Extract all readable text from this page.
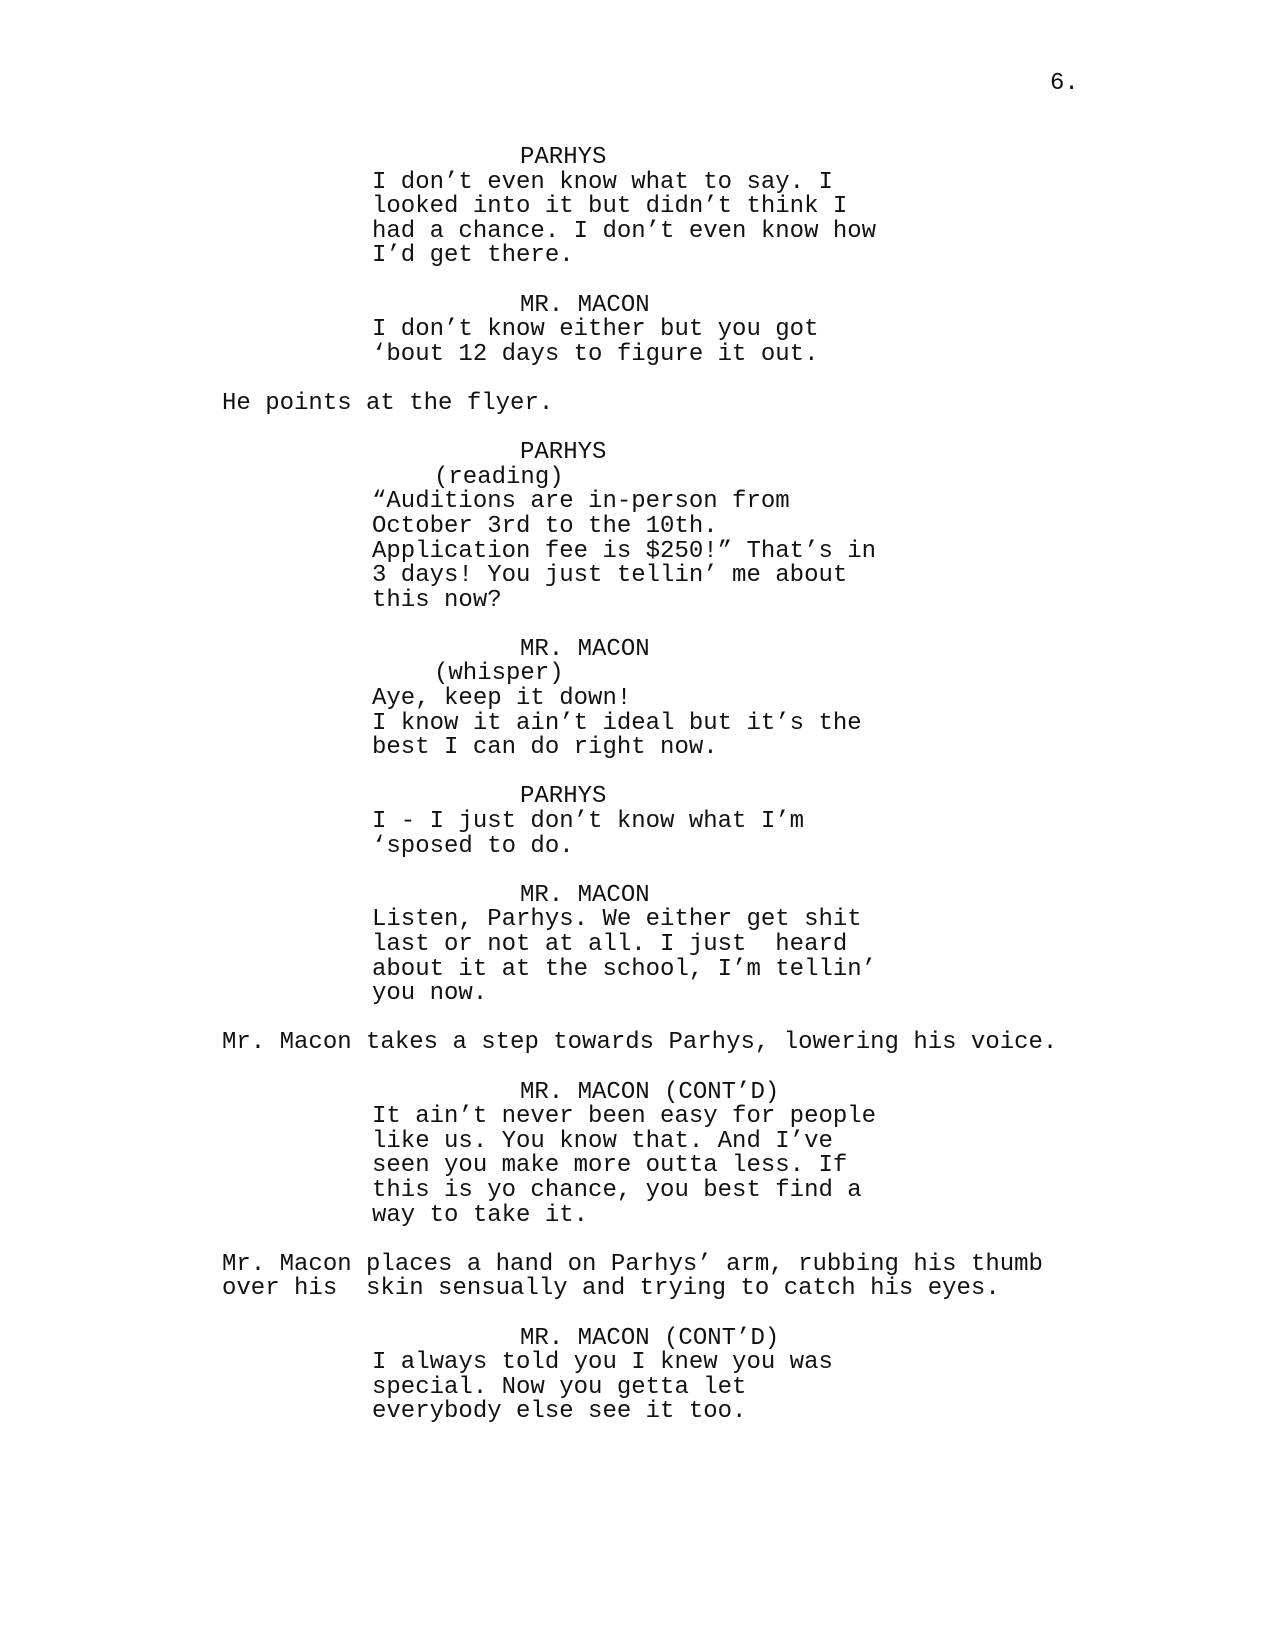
6.
PARHYS
I don’t even know what to say. I
looked into it but didn’t think I
had a chance. I don’t even know how
I’d get there.
MR. MACON
I don’t know either but you got
‘bout 12 days to figure it out.
He points at the flyer.
PARHYS
(reading)
“Auditions are in-person from
October 3rd to the 10th.
Application fee is $250!” That’s in
3 days! You just tellin’ me about
this now?
MR. MACON
(whisper)
Aye, keep it down!
I know it ain’t ideal but it’s the
best I can do right now.
PARHYS
I - I just don’t know what I’m
‘sposed to do.
MR. MACON
Listen, Parhys. We either get shit
last or not at all. I just  heard
about it at the school, I’m tellin’
you now.
Mr. Macon takes a step towards Parhys, lowering his voice.
MR. MACON (CONT’D)
It ain’t never been easy for people
like us. You know that. And I’ve
seen you make more outta less. If
this is yo chance, you best find a
way to take it.
Mr. Macon places a hand on Parhys’ arm, rubbing his thumb
over his  skin sensually and trying to catch his eyes.
MR. MACON (CONT’D)
I always told you I knew you was
special. Now you getta let
everybody else see it too.
